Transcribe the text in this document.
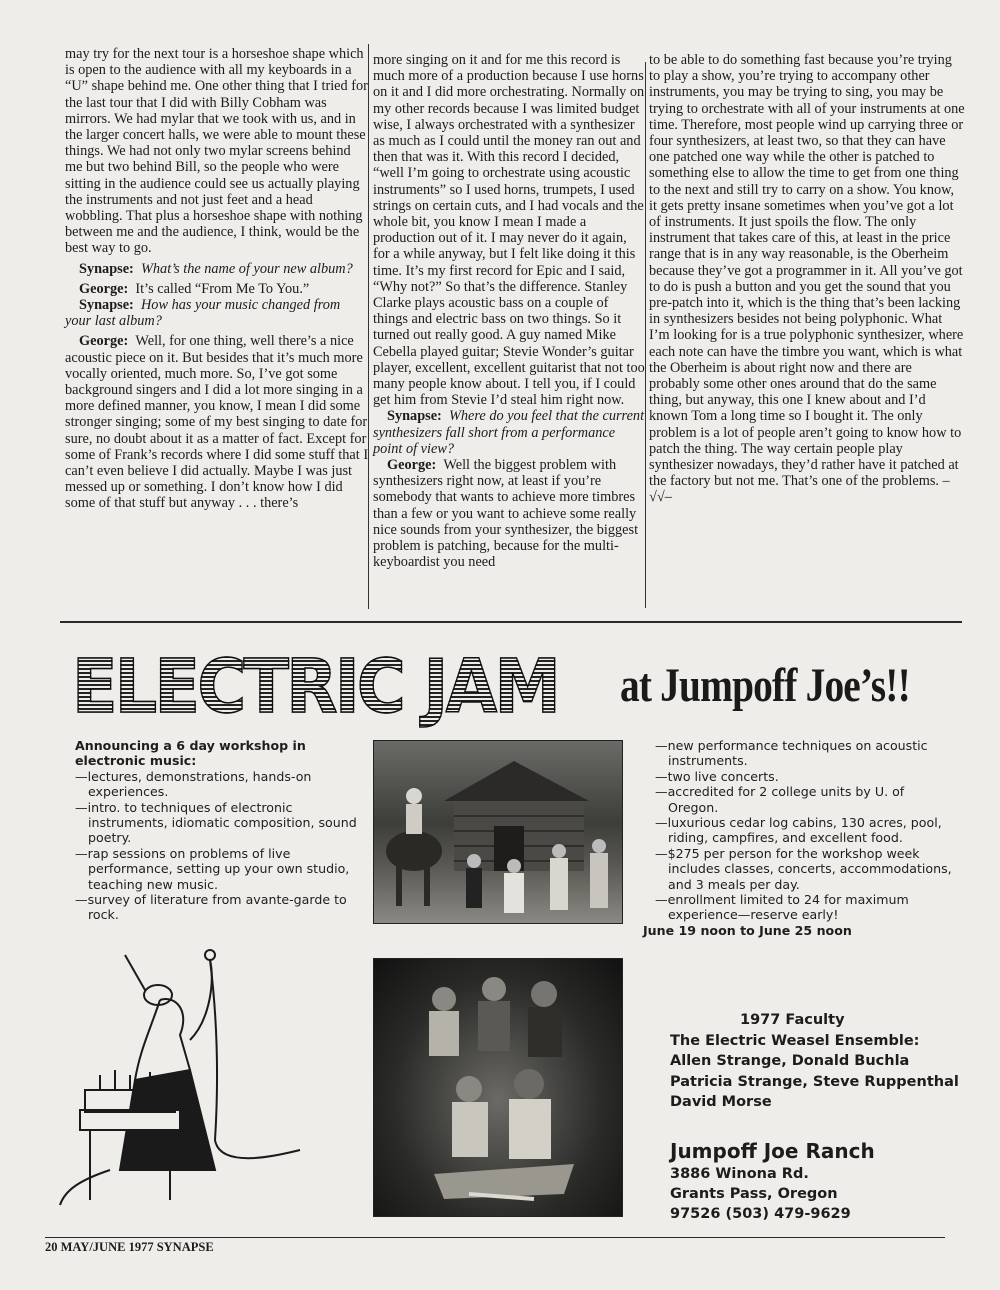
may try for the next tour is a horseshoe shape which is open to the audience with all my keyboards in a “U” shape behind me. One other thing that I tried for the last tour that I did with Billy Cobham was mirrors. We had mylar that we took with us, and in the larger concert halls, we were able to mount these things. We had not only two mylar screens behind me but two behind Bill, so the people who were sitting in the audience could see us actually playing the instruments and not just feet and a head wobbling. That plus a horseshoe shape with nothing between me and the audience, I think, would be the best way to go.

Synapse:  What’s the name of your new album?

George:  It’s called “From Me To You.”

Synapse:  How has your music changed from your last album?

George:  Well, for one thing, well there’s a nice acoustic piece on it. But besides that it’s much more vocally oriented, much more. So, I’ve got some background singers and I did a lot more singing in a more defined manner, you know, I mean I did some stronger singing; some of my best singing to date for sure, no doubt about it as a matter of fact. Except for some of Frank’s records where I did some stuff that I can’t even believe I did actually. Maybe I was just messed up or something. I don’t know how I did some of that stuff but anyway . . . there’s

more singing on it and for me this record is much more of a production because I use horns on it and I did more orchestrating. Normally on my other records because I was limited budget wise, I always orchestrated with a synthesizer as much as I could until the money ran out and then that was it. With this record I decided, “well I’m going to orchestrate using acoustic instruments” so I used horns, trumpets, I used strings on certain cuts, and I had vocals and the whole bit, you know I mean I made a production out of it. I may never do it again, for a while anyway, but I felt like doing it this time. It’s my first record for Epic and I said, “Why not?” So that’s the difference. Stanley Clarke plays acoustic bass on a couple of things and electric bass on two things. So it turned out really good. A guy named Mike Cebella played guitar; Stevie Wonder’s guitar player, excellent, excellent guitarist that not too many people know about. I tell you, if I could get him from Stevie I’d steal him right now.

Synapse:  Where do you feel that the current synthesizers fall short from a performance point of view?

George:  Well the biggest problem with synthesizers right now, at least if you’re somebody that wants to achieve more timbres than a few or you want to achieve some really nice sounds from your synthesizer, the biggest problem is patching, because for the multi-keyboardist you need

to be able to do something fast because you’re trying to play a show, you’re trying to accompany other instruments, you may be trying to sing, you may be trying to orchestrate with all of your instruments at one time. Therefore, most people wind up carrying three or four synthesizers, at least two, so that they can have one patched one way while the other is patched to something else to allow the time to get from one thing to the next and still try to carry on a show. You know, it gets pretty insane sometimes when you’ve got a lot of instruments. It just spoils the flow. The only instrument that takes care of this, at least in the price range that is in any way reasonable, is the Oberheim because they’ve got a programmer in it. All you’ve got to do is push a button and you get the sound that you pre-patch into it, which is the thing that’s been lacking in synthesizers besides not being polyphonic. What I’m looking for is a true polyphonic synthesizer, where each note can have the timbre you want, which is what the Oberheim is about right now and there are probably some other ones around that do the same thing, but anyway, this one I knew about and I’d known Tom a long time so I bought it. The only problem is a lot of people aren’t going to know how to patch the thing. The way certain people play synthesizer nowadays, they’d rather have it patched at the factory but not me. That’s one of the problems. –√√–

ELECTRIC JAM at Jumpoff Joe’s!!
Announcing a 6 day workshop in electronic music:
— lectures, demonstrations, hands-on experiences.
— intro. to techniques of electronic instruments, idiomatic composition, sound poetry.
— rap sessions on problems of live performance, setting up your own studio, teaching new music.
— survey of literature from avante-garde to rock.
— new performance techniques on acoustic instruments.
— two live concerts.
— accredited for 2 college units by U. of Oregon.
— luxurious cedar log cabins, 130 acres, pool, riding, campfires, and excellent food.
— $275 per person for the workshop week includes classes, concerts, accommodations, and 3 meals per day.
— enrollment limited to 24 for maximum experience—reserve early!
June 19 noon to June 25 noon
1977 Faculty
The Electric Weasel Ensemble:
Allen Strange, Donald Buchla
Patricia Strange, Steve Ruppenthal
David Morse
Jumpoff Joe Ranch
3886 Winona Rd.
Grants Pass, Oregon
97526 (503) 479-9629
20 MAY/JUNE 1977 SYNAPSE
